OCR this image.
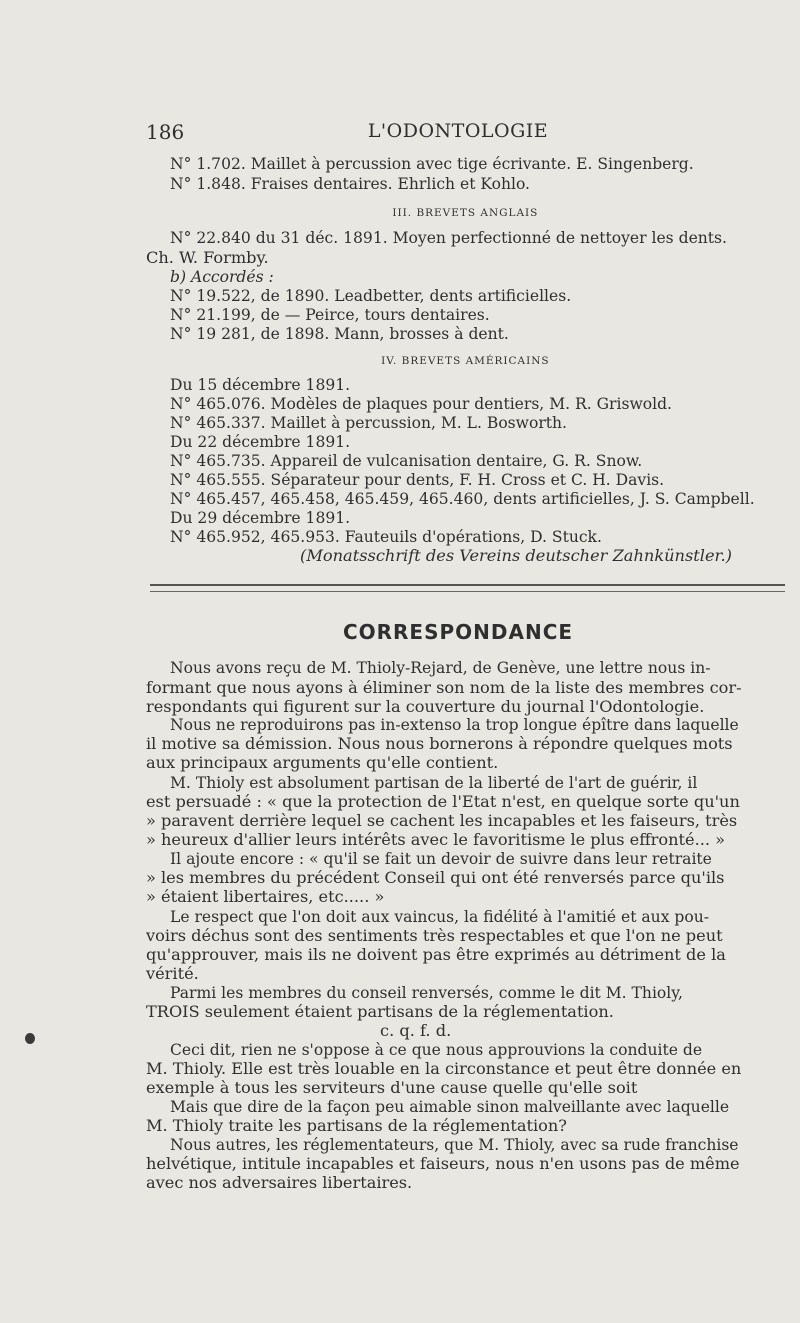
186	L'ODONTOLOGIE
N° 1.702. Maillet à percussion avec tige écrivante. E. Singenberg.
N° 1.848. Fraises dentaires. Ehrlich et Kohlo.
III. BREVETS ANGLAIS
N° 22.840 du 31 déc. 1891. Moyen perfectionné de nettoyer les dents.
Ch. W. Formby.
b) Accordés :
N° 19.522, de 1890. Leadbetter, dents artificielles.
N° 21.199, de — Peirce, tours dentaires.
N° 19 281, de 1898. Mann, brosses à dent.
IV. BREVETS AMÉRICAINS
Du 15 décembre 1891.
N° 465.076. Modèles de plaques pour dentiers, M. R. Griswold.
N° 465.337. Maillet à percussion, M. L. Bosworth.
Du 22 décembre 1891.
N° 465.735. Appareil de vulcanisation dentaire, G. R. Snow.
N° 465.555. Séparateur pour dents, F. H. Cross et C. H. Davis.
N° 465.457, 465.458, 465.459, 465.460, dents artificielles, J. S. Campbell.
Du 29 décembre 1891.
N° 465.952, 465.953. Fauteuils d'opérations, D. Stuck.
(Monatsschrift des Vereins deutscher Zahnkünstler.)
CORRESPONDANCE
Nous avons reçu de M. Thioly-Rejard, de Genève, une lettre nous in-
formant que nous ayons à éliminer son nom de la liste des membres cor-
respondants qui figurent sur la couverture du journal l'Odontologie.
Nous ne reproduirons pas in-extenso la trop longue épître dans laquelle
il motive sa démission. Nous nous bornerons à répondre quelques mots
aux principaux arguments qu'elle contient.
M. Thioly est absolument partisan de la liberté de l'art de guérir, il
est persuadé : « que la protection de l'Etat n'est, en quelque sorte qu'un
» paravent derrière lequel se cachent les incapables et les faiseurs, très
» heureux d'allier leurs intérêts avec le favoritisme le plus effronté... »
Il ajoute encore : « qu'il se fait un devoir de suivre dans leur retraite
» les membres du précédent Conseil qui ont été renversés parce qu'ils
» étaient libertaires, etc..... »
Le respect que l'on doit aux vaincus, la fidélité à l'amitié et aux pou-
voirs déchus sont des sentiments très respectables et que l'on ne peut
qu'approuver, mais ils ne doivent pas être exprimés au détriment de la
vérité.
Parmi les membres du conseil renversés, comme le dit M. Thioly,
TROIS seulement étaient partisans de la réglementation.
c. q. f. d.
Ceci dit, rien ne s'oppose à ce que nous approuvions la conduite de
M. Thioly. Elle est très louable en la circonstance et peut être donnée en
exemple à tous les serviteurs d'une cause quelle qu'elle soit
Mais que dire de la façon peu aimable sinon malveillante avec laquelle
M. Thioly traite les partisans de la réglementation?
Nous autres, les réglementateurs, que M. Thioly, avec sa rude franchise
helvétique, intitule incapables et faiseurs, nous n'en usons pas de même
avec nos adversaires libertaires.
